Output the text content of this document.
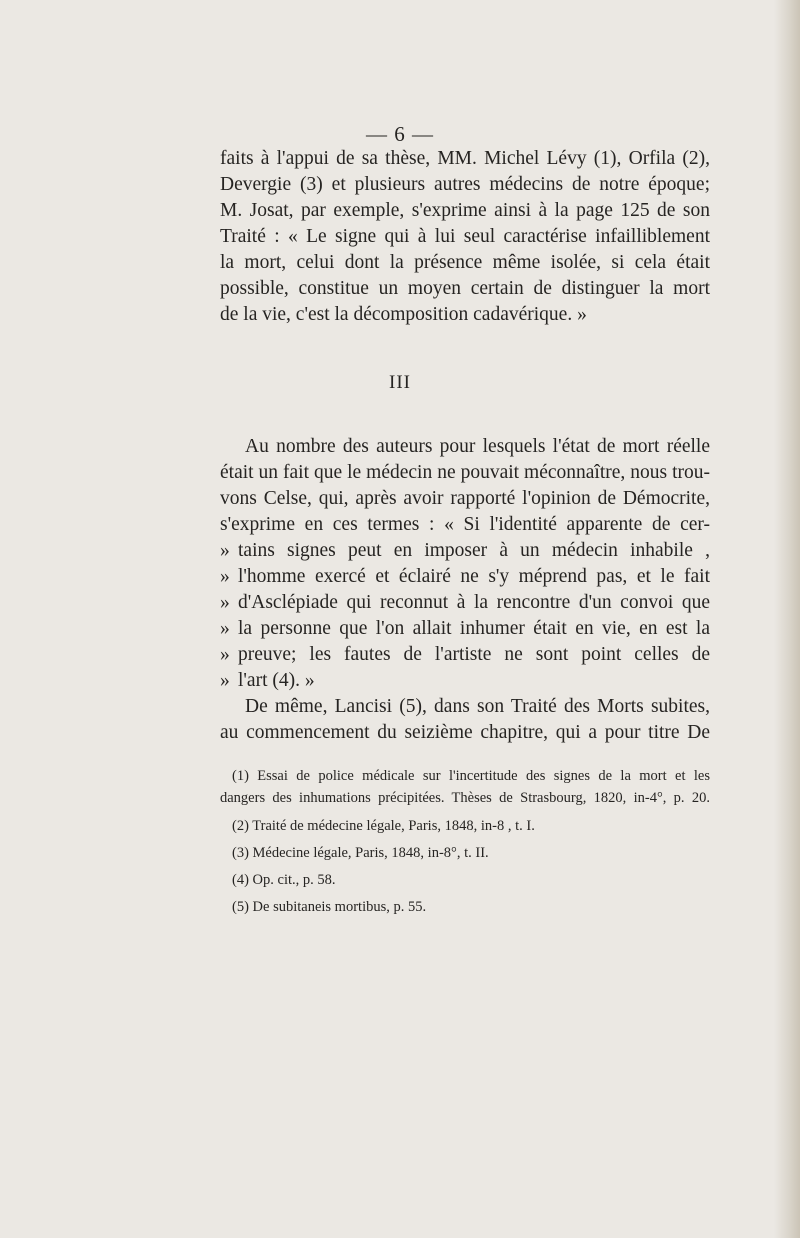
— 6 —
faits à l'appui de sa thèse, MM. Michel Lévy (1), Orfila (2),
Devergie (3) et plusieurs autres médecins de notre époque;
M. Josat, par exemple, s'exprime ainsi à la page 125 de son
Traité : « Le signe qui à lui seul caractérise infailliblement
la mort, celui dont la présence même isolée, si cela était
possible, constitue un moyen certain de distinguer la mort
de la vie, c'est la décomposition cadavérique. »
III
Au nombre des auteurs pour lesquels l'état de mort réelle
était un fait que le médecin ne pouvait méconnaître, nous trou-
vons Celse, qui, après avoir rapporté l'opinion de Démocrite,
s'exprime en ces termes : « Si l'identité apparente de cer-
» tains signes peut en imposer à un médecin inhabile ,
» l'homme exercé et éclairé ne s'y méprend pas, et le fait
» d'Asclépiade qui reconnut à la rencontre d'un convoi que
» la personne que l'on allait inhumer était en vie, en est la
» preuve; les fautes de l'artiste ne sont point celles de
» l'art (4). »
De même, Lancisi (5), dans son Traité des Morts subites,
au commencement du seizième chapitre, qui a pour titre De
(1) Essai de police médicale sur l'incertitude des signes de la mort et les
dangers des inhumations précipitées. Thèses de Strasbourg, 1820, in-4°, p. 20.
(2) Traité de médecine légale, Paris, 1848, in-8 , t. I.
(3) Médecine légale, Paris, 1848, in-8°, t. II.
(4) Op. cit., p. 58.
(5) De subitaneis mortibus, p. 55.
